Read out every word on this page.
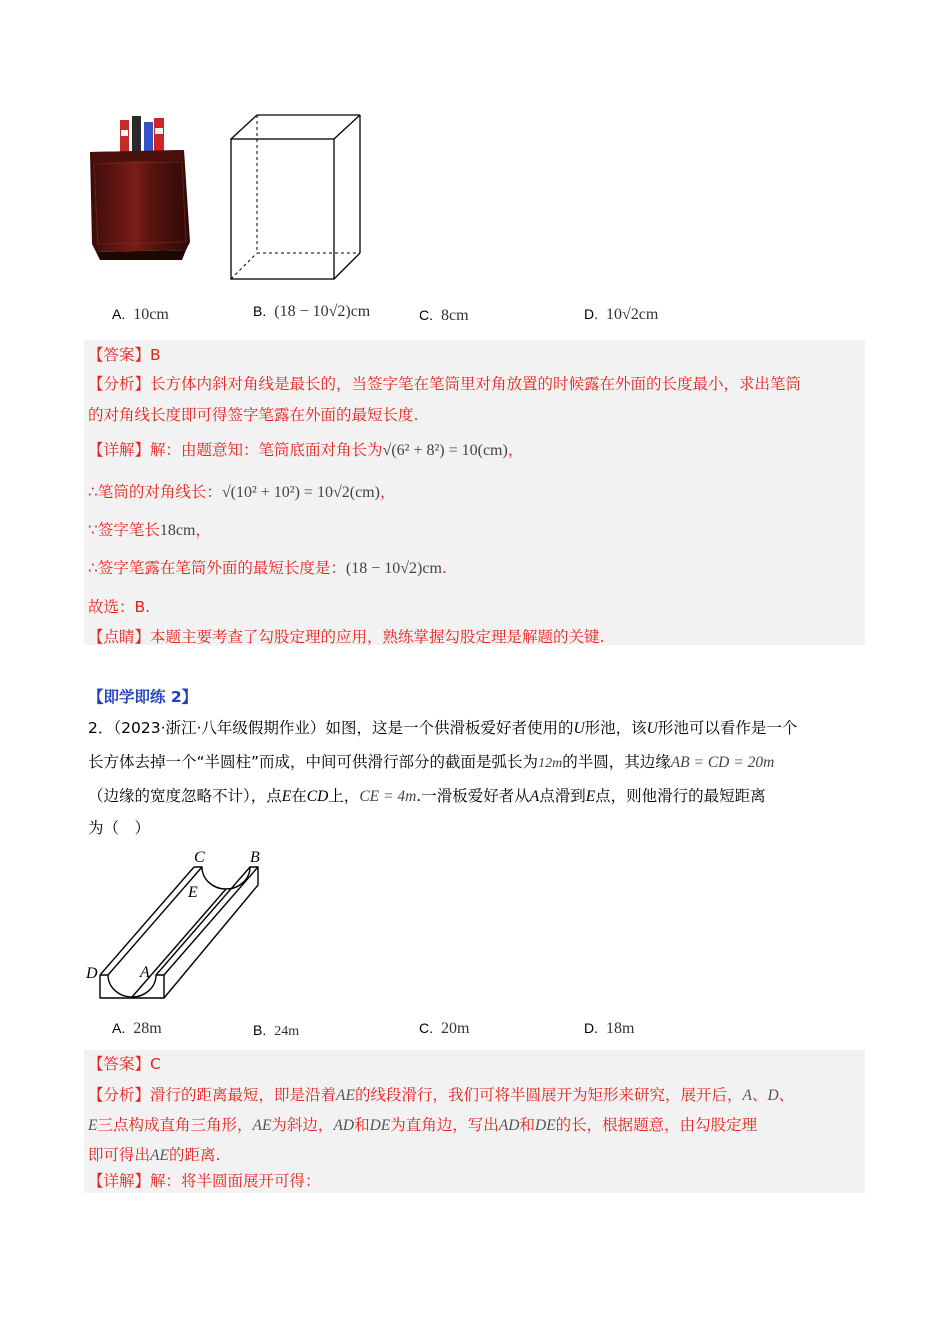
A. 10cm	B. (18 − 10√2)cm	C. 8cm	D. 10√2cm
【答案】B
【分析】长方体内斜对角线是最长的，当签字笔在笔筒里对角放置的时候露在外面的长度最小，求出笔筒
的对角线长度即可得签字笔露在外面的最短长度.
【详解】解：由题意知：笔筒底面对角长为√(6² + 8²) = 10(cm)，
∴笔筒的对角线长：√(10² + 10²) = 10√2(cm)，
∵签字笔长18cm，
∴签字笔露在笔筒外面的最短长度是：(18 − 10√2)cm.
故选：B.
【点睛】本题主要考查了勾股定理的应用，熟练掌握勾股定理是解题的关键.
【即学即练 2】
2．（2023·浙江·八年级假期作业）如图，这是一个供滑板爱好者使用的U形池，该U形池可以看作是一个
长方体去掉一个“半圆柱”而成，中间可供滑行部分的截面是弧长为12m的半圆，其边缘AB = CD = 20m
（边缘的宽度忽略不计），点E在CD上，CE = 4m.一滑板爱好者从A点滑到E点，则他滑行的最短距离
为（　）
C	B
E
D	A
A. 28m	B. 24m	C. 20m	D. 18m
【答案】C
【分析】滑行的距离最短，即是沿着AE的线段滑行，我们可将半圆展开为矩形来研究，展开后，A、D、
E三点构成直角三角形，AE为斜边，AD和DE为直角边，写出AD和DE的长，根据题意，由勾股定理
即可得出AE的距离.
【详解】解：将半圆面展开可得：
